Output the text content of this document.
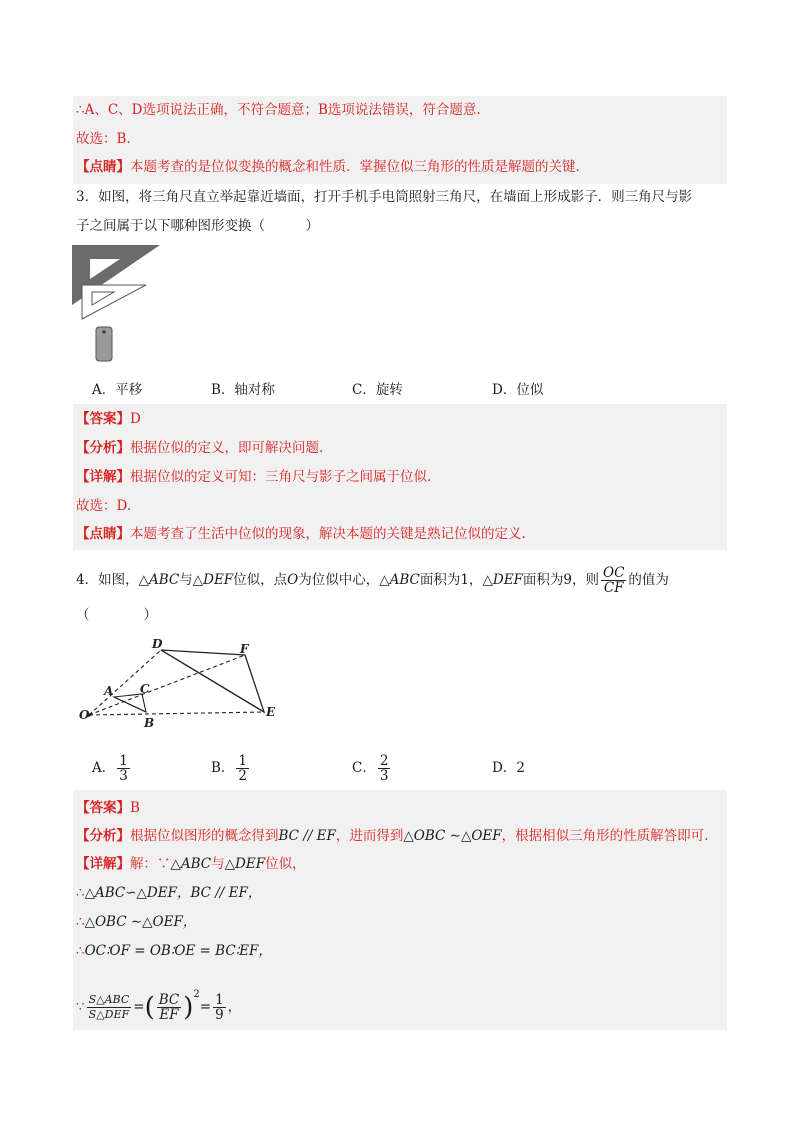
∴A、C、D选项说法正确，不符合题意；B选项说法错误，符合题意.
故选：B.
【点睛】本题考查的是位似变换的概念和性质．掌握位似三角形的性质是解题的关键.
3．如图，将三角尺直立举起靠近墙面，打开手机手电筒照射三角尺，在墙面上形成影子．则三角尺与影
子之间属于以下哪种图形变换（　　　）
A．平移	B．轴对称	C．旋转	D．位似
【答案】D
【分析】根据位似的定义，即可解决问题.
【详解】根据位似的定义可知：三角尺与影子之间属于位似.
故选：D.
【点睛】本题考查了生活中位似的现象，解决本题的关键是熟记位似的定义.
4．如图，△ABC与△DEF位似，点O为位似中心，△ABC面积为1，△DEF面积为9，则 $\frac{OC}{CF}$ 的值为
（　　　　）
D	F
A C
O
B
E
A． $\frac{1}{3}$	B． $\frac{1}{2}$	C． $\frac{2}{3}$	D．2
【答案】B
【分析】根据位似图形的概念得到BC // EF，进而得到△OBC ∼△OEF，根据相似三角形的性质解答即可.
【详解】解：∵△ABC与△DEF位似，
∴△ABC∽△DEF，BC // EF，
∴△OBC ∼△OEF，
∴OC∶OF = OB∶OE = BC∶EF，
∵ $\frac{\text{S△ABC}}{\text{S△DEF}}$ =( $\frac{BC}{EF} )^2= \frac{1}{9}$ ，
